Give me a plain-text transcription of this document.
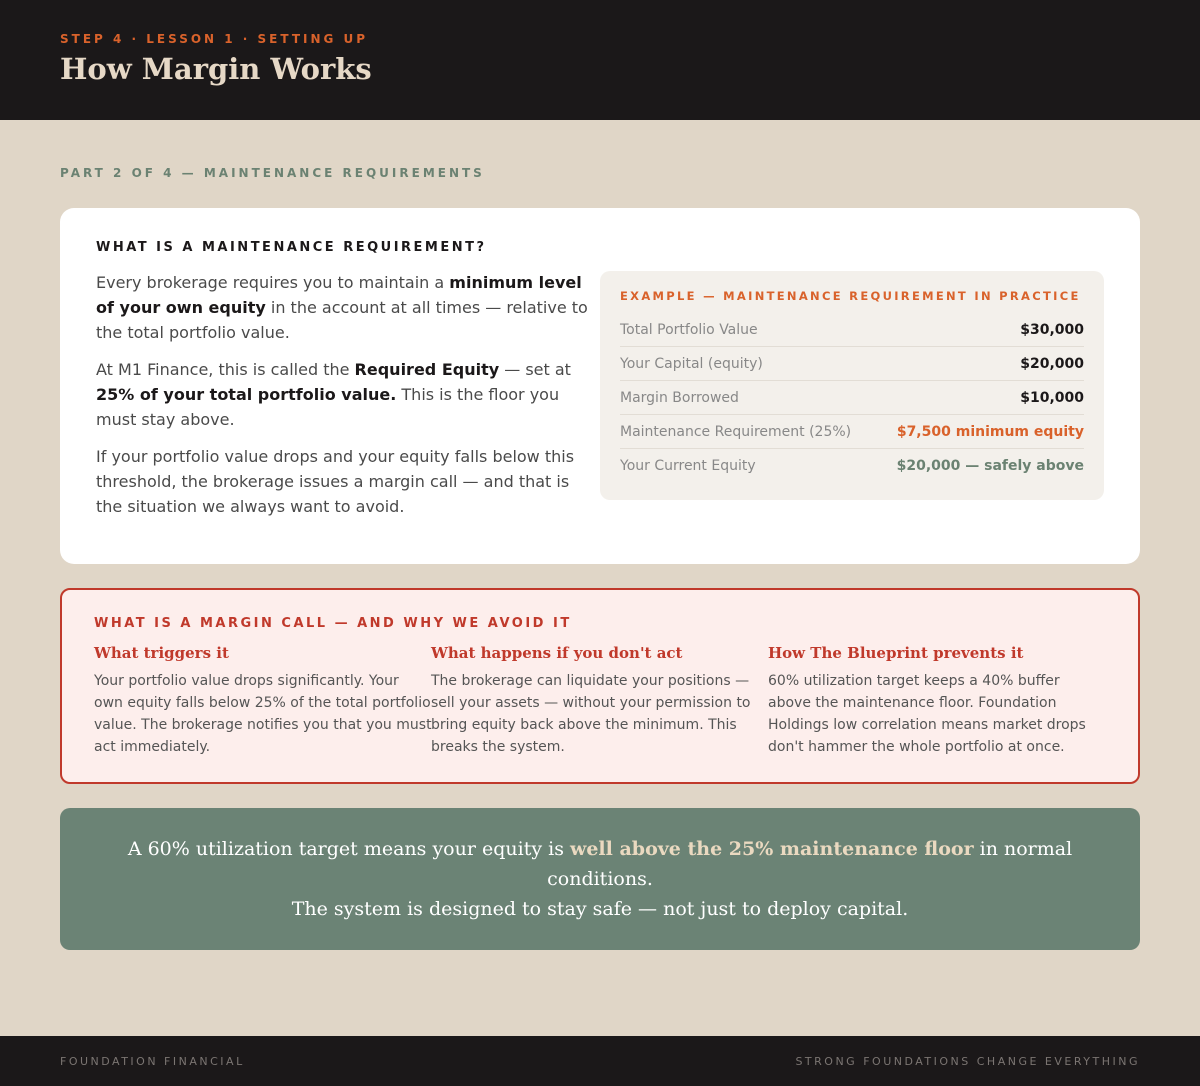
STEP 4 · LESSON 1 · SETTING UP
How Margin Works
PART 2 OF 4 — MAINTENANCE REQUIREMENTS
WHAT IS A MAINTENANCE REQUIREMENT?

Every brokerage requires you to maintain a minimum level of your own equity in the account at all times — relative to the total portfolio value.

At M1 Finance, this is called the Required Equity — set at 25% of your total portfolio value. This is the floor you must stay above.

If your portfolio value drops and your equity falls below this threshold, the brokerage issues a margin call — and that is the situation we always want to avoid.

EXAMPLE — MAINTENANCE REQUIREMENT IN PRACTICE
Total Portfolio Value	$30,000
Your Capital (equity)	$20,000
Margin Borrowed	$10,000
Maintenance Requirement (25%)	$7,500 minimum equity
Your Current Equity	$20,000 — safely above
WHAT IS A MARGIN CALL — AND WHY WE AVOID IT
What triggers it
Your portfolio value drops significantly. Your own equity falls below 25% of the total portfolio value. The brokerage notifies you that you must act immediately.
What happens if you don't act
The brokerage can liquidate your positions — sell your assets — without your permission to bring equity back above the minimum. This breaks the system.
How The Blueprint prevents it
60% utilization target keeps a 40% buffer above the maintenance floor. Foundation Holdings low correlation means market drops don't hammer the whole portfolio at once.
A 60% utilization target means your equity is well above the 25% maintenance floor in normal conditions.
The system is designed to stay safe — not just to deploy capital.
FOUNDATION FINANCIAL	STRONG FOUNDATIONS CHANGE EVERYTHING
